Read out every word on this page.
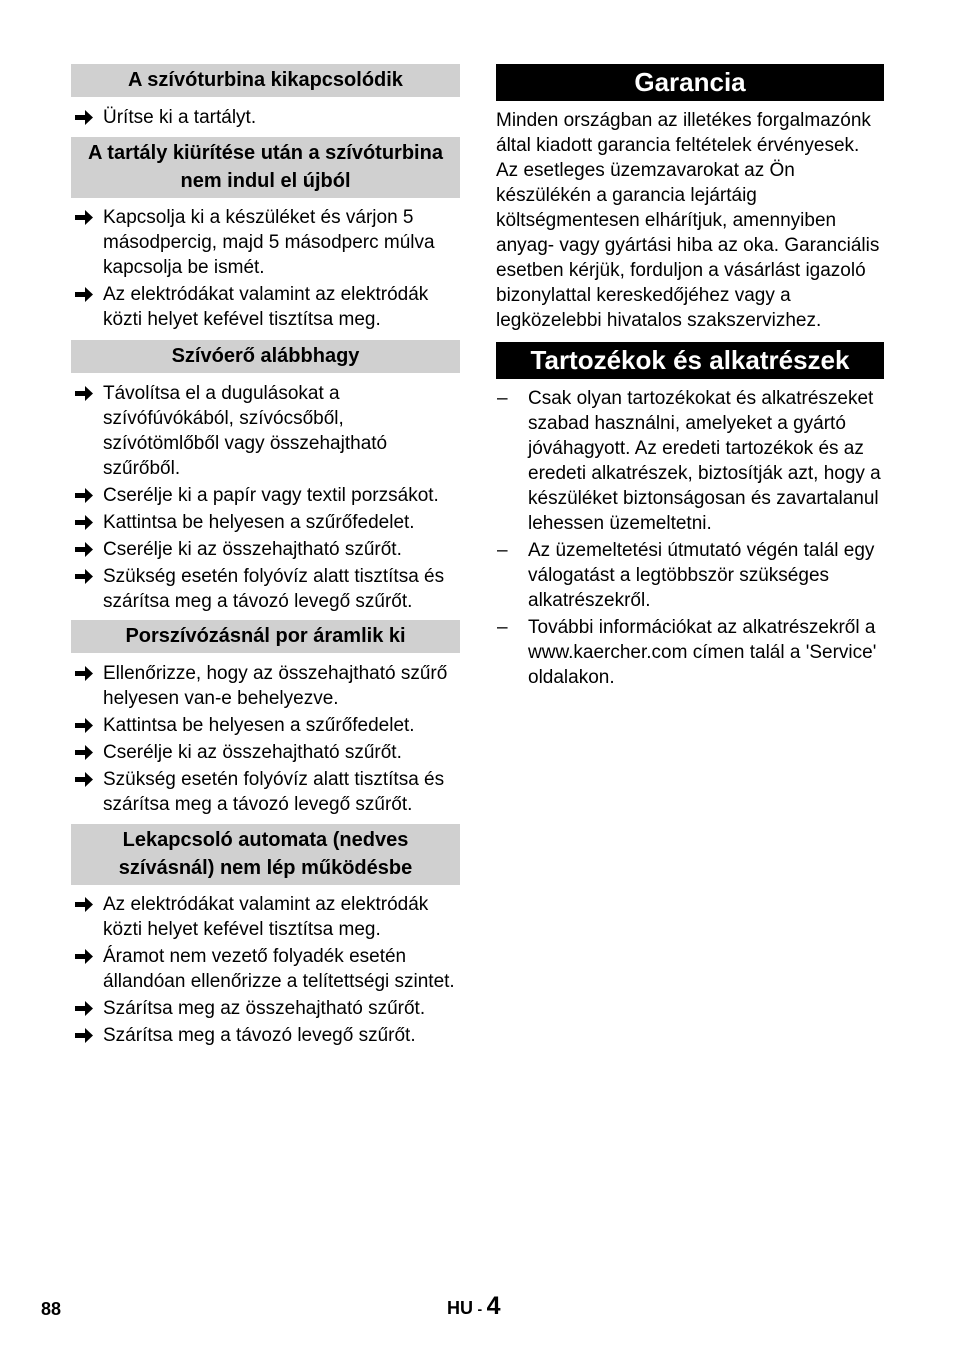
A szívóturbina kikapcsolódik
Ürítse ki a tartályt.
A tartály kiürítése után a szívóturbina nem indul el újból
Kapcsolja ki a készüléket és várjon 5 másodpercig, majd 5 másodperc múlva kapcsolja be ismét.
Az elektródákat valamint az elektródák közti helyet kefével tisztítsa meg.
Szívóerő alábbhagy
Távolítsa el a dugulásokat a szívófúvókából, szívócsőből, szívótömlőből vagy összehajtható szűrőből.
Cserélje ki a papír vagy textil porzsákot.
Kattintsa be helyesen a szűrőfedelet.
Cserélje ki az összehajtható szűrőt.
Szükség esetén folyóvíz alatt tisztítsa és szárítsa meg a távozó levegő szűrőt.
Porszívózásnál por áramlik ki
Ellenőrizze, hogy az összehajtható szűrő helyesen van-e behelyezve.
Kattintsa be helyesen a szűrőfedelet.
Cserélje ki az összehajtható szűrőt.
Szükség esetén folyóvíz alatt tisztítsa és szárítsa meg a távozó levegő szűrőt.
Lekapcsoló automata (nedves szívásnál) nem lép működésbe
Az elektródákat valamint az elektródák közti helyet kefével tisztítsa meg.
Áramot nem vezető folyadék esetén állandóan ellenőrizze a telítettségi szintet.
Szárítsa meg az összehajtható szűrőt.
Szárítsa meg a távozó levegő szűrőt.
Garancia

Minden országban az illetékes forgalmazónk által kiadott garancia feltételek érvényesek. Az esetleges üzemzavarokat az Ön készülékén a garancia lejártáig költségmentesen elhárítjuk, amennyiben anyag- vagy gyártási hiba az oka. Garanciális esetben kérjük, forduljon a vásárlást igazoló bizonylattal kereskedőjéhez vagy a legközelebbi hivatalos szakszervizhez.

Tartozékok és alkatrészek
– Csak olyan tartozékokat és alkatrészeket szabad használni, amelyeket a gyártó jóváhagyott. Az eredeti tartozékok és az eredeti alkatrészek, biztosítják azt, hogy a készüléket biztonságosan és zavartalanul lehessen üzemeltetni.
– Az üzemeltetési útmutató végén talál egy válogatást a legtöbbször szükséges alkatrészekről.
– További információkat az alkatrészekről a www.kaercher.com címen talál a 'Service' oldalakon.
88	HU - 4
